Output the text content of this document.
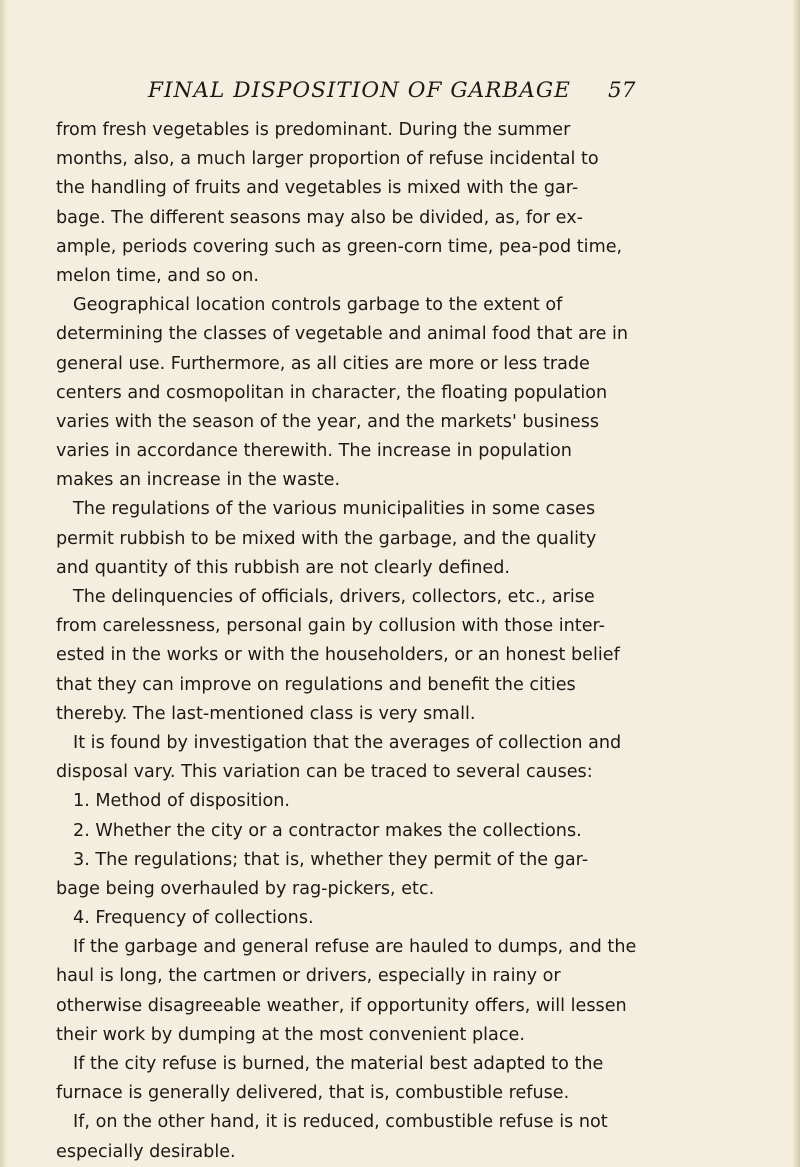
FINAL DISPOSITION OF GARBAGE 57
from fresh vegetables is predominant. During the summer
months, also, a much larger proportion of refuse incidental to
the handling of fruits and vegetables is mixed with the gar-
bage. The different seasons may also be divided, as, for ex-
ample, periods covering such as green-corn time, pea-pod time,
melon time, and so on.
Geographical location controls garbage to the extent of
determining the classes of vegetable and animal food that are in
general use. Furthermore, as all cities are more or less trade
centers and cosmopolitan in character, the floating population
varies with the season of the year, and the markets' business
varies in accordance therewith. The increase in population
makes an increase in the waste.
The regulations of the various municipalities in some cases
permit rubbish to be mixed with the garbage, and the quality
and quantity of this rubbish are not clearly defined.
The delinquencies of officials, drivers, collectors, etc., arise
from carelessness, personal gain by collusion with those inter-
ested in the works or with the householders, or an honest belief
that they can improve on regulations and benefit the cities
thereby. The last-mentioned class is very small.
It is found by investigation that the averages of collection and
disposal vary. This variation can be traced to several causes:
1. Method of disposition.
2. Whether the city or a contractor makes the collections.
3. The regulations; that is, whether they permit of the gar-
bage being overhauled by rag-pickers, etc.
4. Frequency of collections.
If the garbage and general refuse are hauled to dumps, and the
haul is long, the cartmen or drivers, especially in rainy or
otherwise disagreeable weather, if opportunity offers, will lessen
their work by dumping at the most convenient place.
If the city refuse is burned, the material best adapted to the
furnace is generally delivered, that is, combustible refuse.
If, on the other hand, it is reduced, combustible refuse is not
especially desirable.
